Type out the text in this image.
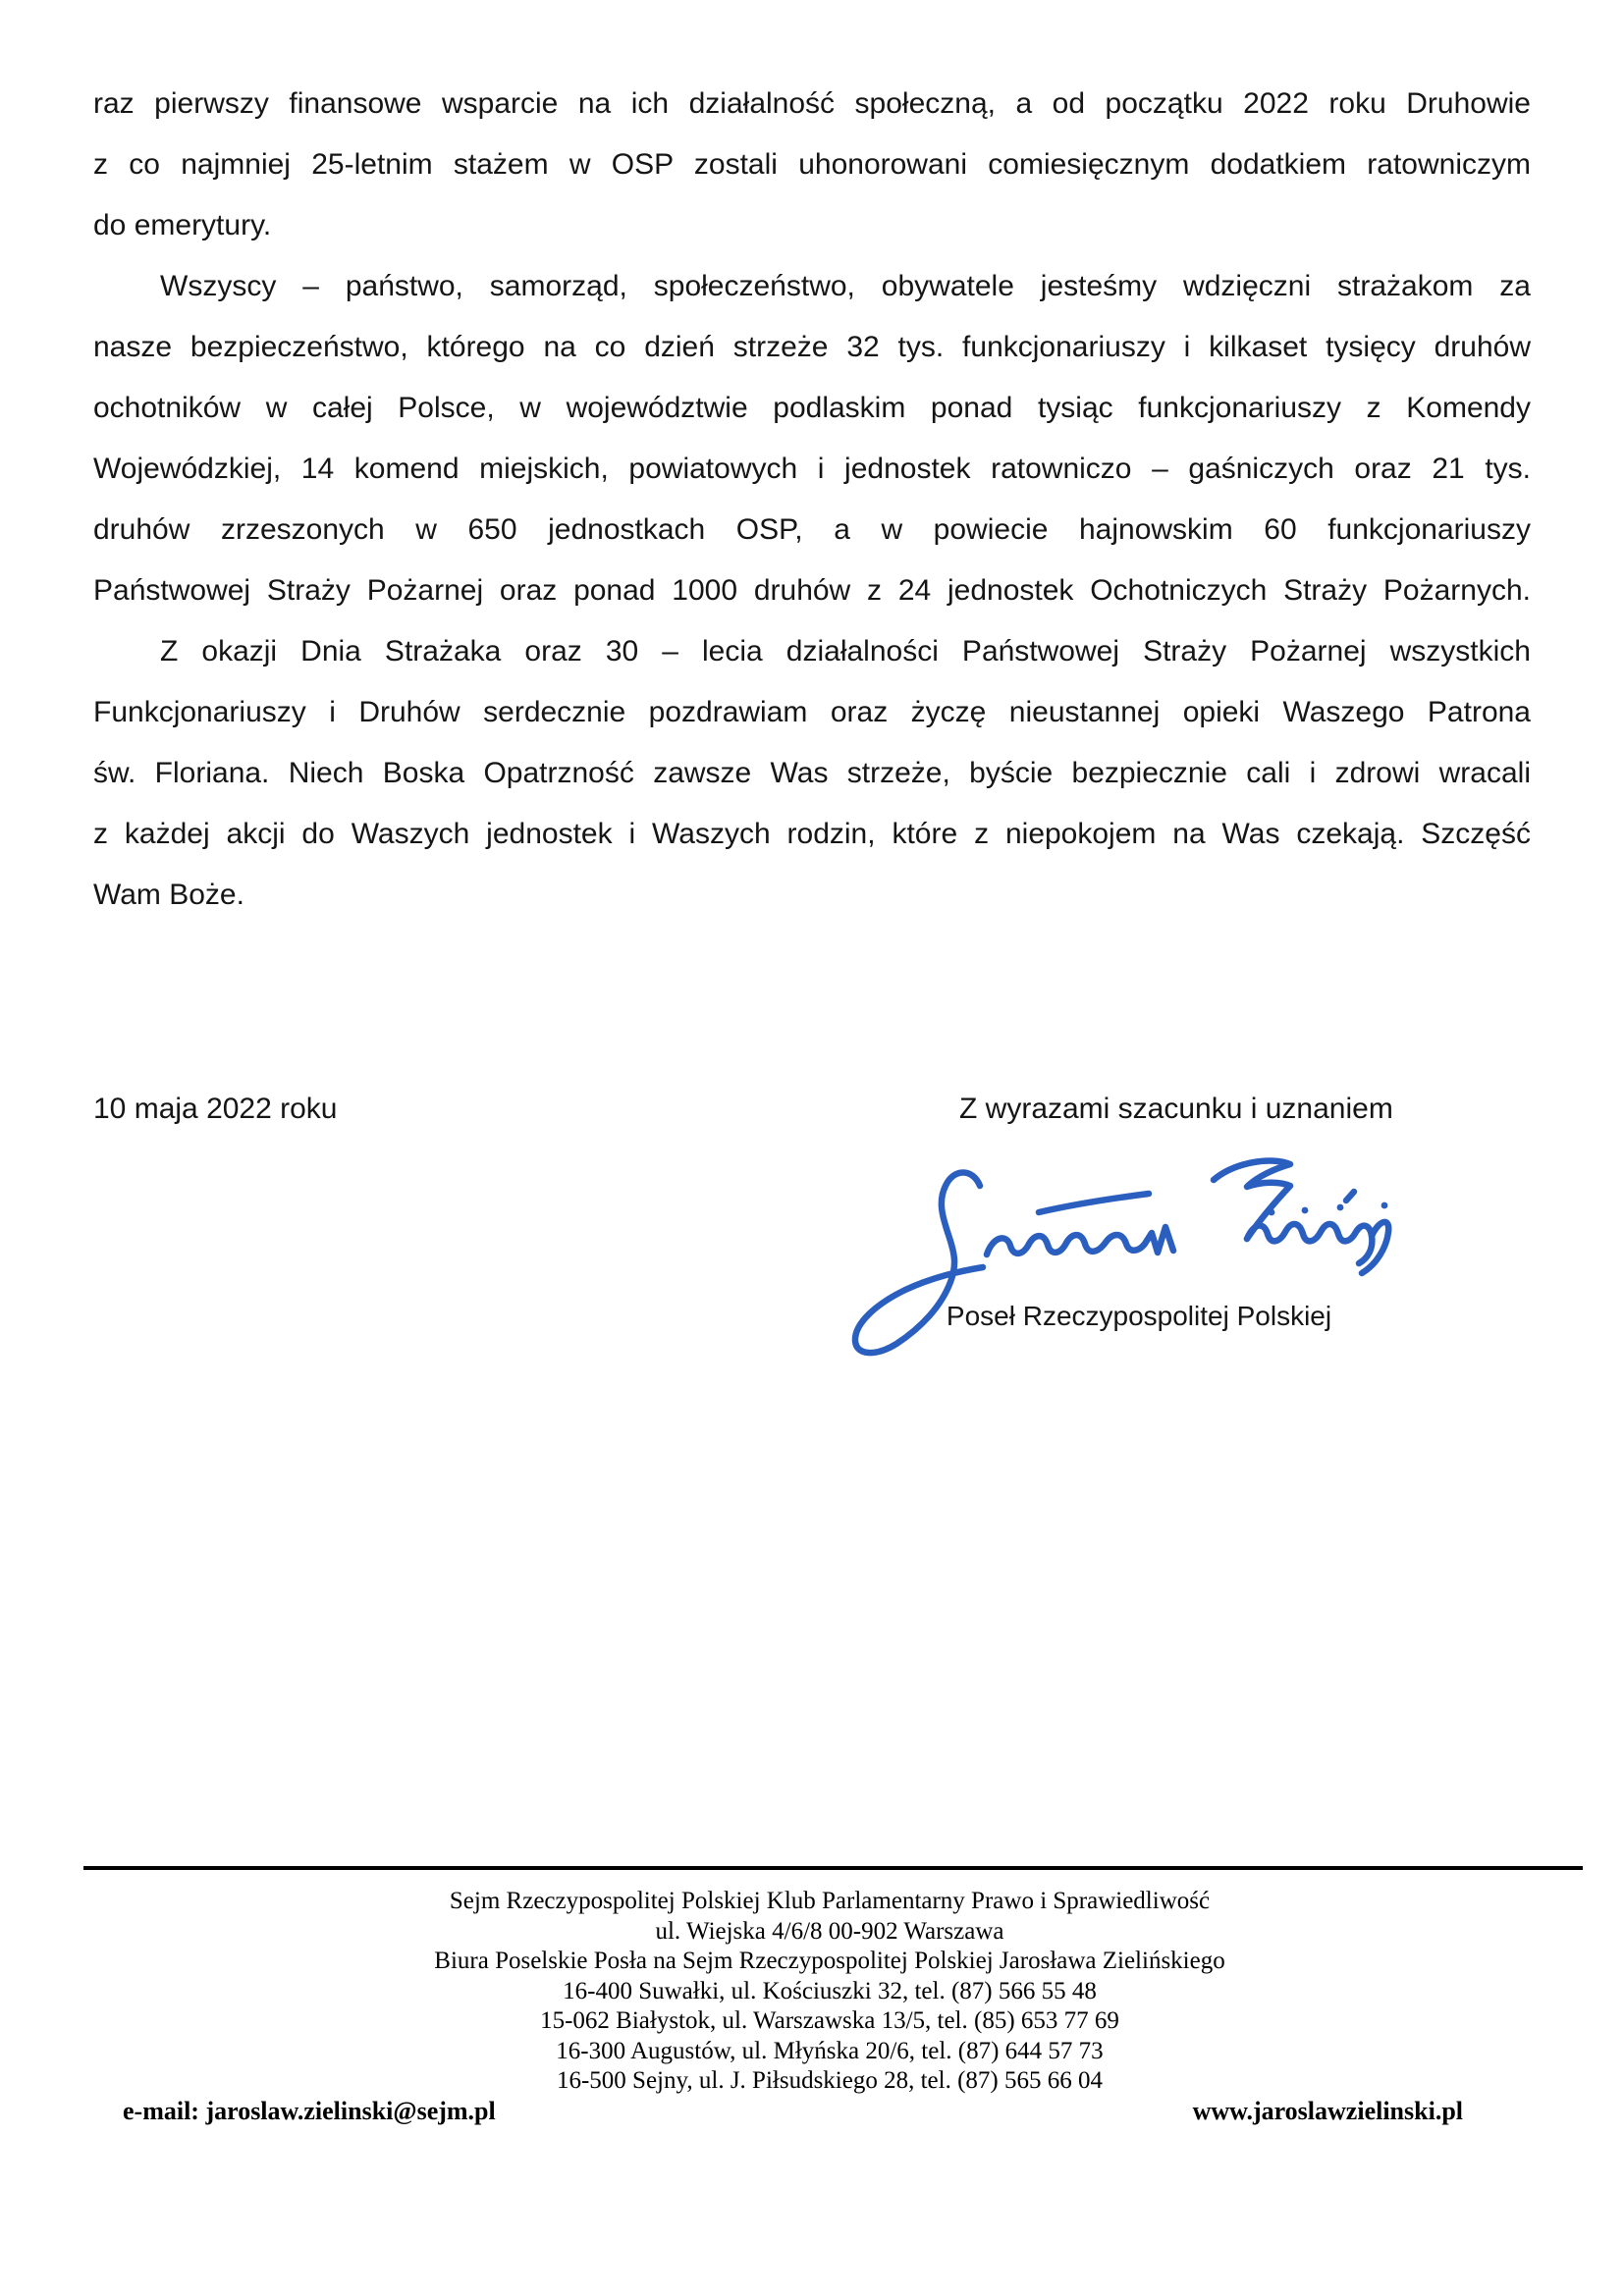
raz pierwszy finansowe wsparcie na ich działalność społeczną, a od początku 2022 roku Druhowie
z co najmniej 25-letnim stażem w OSP zostali uhonorowani comiesięcznym dodatkiem ratowniczym
do emerytury.
Wszyscy – państwo, samorząd, społeczeństwo, obywatele jesteśmy wdzięczni strażakom za
nasze bezpieczeństwo, którego na co dzień strzeże 32 tys. funkcjonariuszy i kilkaset tysięcy druhów
ochotników w całej Polsce, w województwie podlaskim ponad tysiąc funkcjonariuszy z Komendy
Wojewódzkiej, 14 komend miejskich, powiatowych i jednostek ratowniczo – gaśniczych oraz 21 tys.
druhów zrzeszonych w 650 jednostkach OSP, a w powiecie hajnowskim 60 funkcjonariuszy
Państwowej Straży Pożarnej oraz ponad 1000 druhów z 24 jednostek Ochotniczych Straży Pożarnych.
Z okazji Dnia Strażaka oraz 30 – lecia działalności Państwowej Straży Pożarnej wszystkich
Funkcjonariuszy i Druhów serdecznie pozdrawiam oraz życzę nieustannej opieki Waszego Patrona
św. Floriana. Niech Boska Opatrzność zawsze Was strzeże, byście bezpiecznie cali i zdrowi wracali
z każdej akcji do Waszych jednostek i Waszych rodzin, które z niepokojem na Was czekają. Szczęść
Wam Boże.
10 maja 2022 roku	Z wyrazami szacunku i uznaniem
Poseł Rzeczypospolitej Polskiej
Sejm Rzeczypospolitej Polskiej Klub Parlamentarny Prawo i Sprawiedliwość
ul. Wiejska 4/6/8 00-902 Warszawa
Biura Poselskie Posła na Sejm Rzeczypospolitej Polskiej Jarosława Zielińskiego
16-400 Suwałki, ul. Kościuszki 32, tel. (87) 566 55 48
15-062 Białystok, ul. Warszawska 13/5, tel. (85) 653 77 69
16-300 Augustów, ul. Młyńska 20/6, tel. (87) 644 57 73
16-500 Sejny, ul. J. Piłsudskiego 28, tel. (87) 565 66 04
e-mail: jaroslaw.zielinski@sejm.pl	www.jaroslawzielinski.pl
